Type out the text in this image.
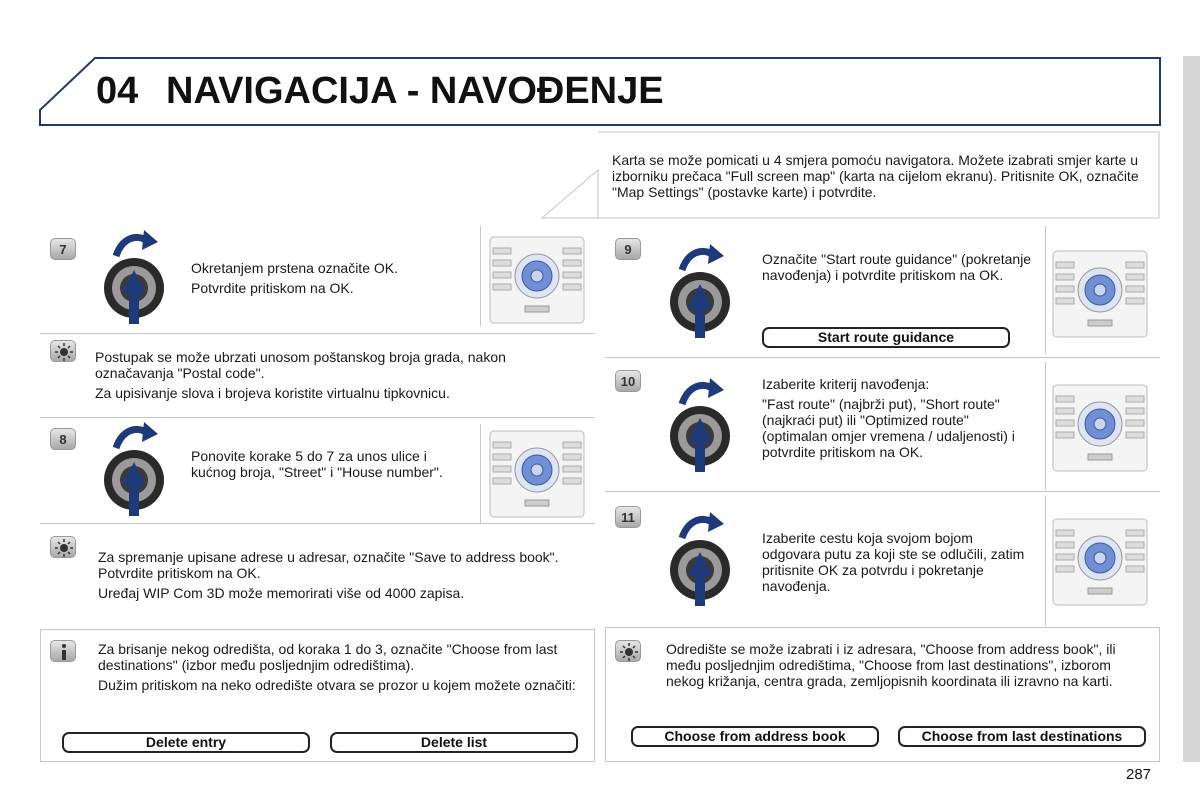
04 NAVIGACIJA - NAVOĐENJE
Karta se može pomicati u 4 smjera pomoću navigatora. Možete izabrati smjer karte u izborniku prečaca "Full screen map" (karta na cijelom ekranu). Pritisnite OK, označite "Map Settings" (postavke karte) i potvrdite.
7

Okretanjem prstena označite OK.

Potvrdite pritiskom na OK.

Postupak se može ubrzati unosom poštanskog broja grada, nakon označavanja "Postal code".

Za upisivanje slova i brojeva koristite virtualnu tipkovnicu.

8
Ponovite korake 5 do 7 za unos ulice i kućnog broja, "Street" i "House number".

Za spremanje upisane adrese u adresar, označite "Save to address book". Potvrdite pritiskom na OK.

Uređaj WIP Com 3D može memorirati više od 4000 zapisa.

Za brisanje nekog odredišta, od koraka 1 do 3, označite "Choose from last destinations" (izbor među posljednjim odredištima).

Dužim pritiskom na neko odredište otvara se prozor u kojem možete označiti:

Delete entry	Delete list
9
Označite "Start route guidance" (pokretanje navođenja) i potvrdite pritiskom na OK.
Start route guidance
10	Izaberite kriterij navođenja:

"Fast route" (najbrži put), "Short route" (najkraći put) ili "Optimized route" (optimalan omjer vremena / udaljenosti) i potvrdite pritiskom na OK.

11
Izaberite cestu koja svojom bojom odgovara putu za koji ste se odlučili, zatim pritisnite OK za potvrdu i pokretanje navođenja.
Odredište se može izabrati i iz adresara, "Choose from address book", ili među posljednjim odredištima, "Choose from last destinations", izborom nekog križanja, centra grada, zemljopisnih koordinata ili izravno na karti.
Choose from address book	Choose from last destinations
287
